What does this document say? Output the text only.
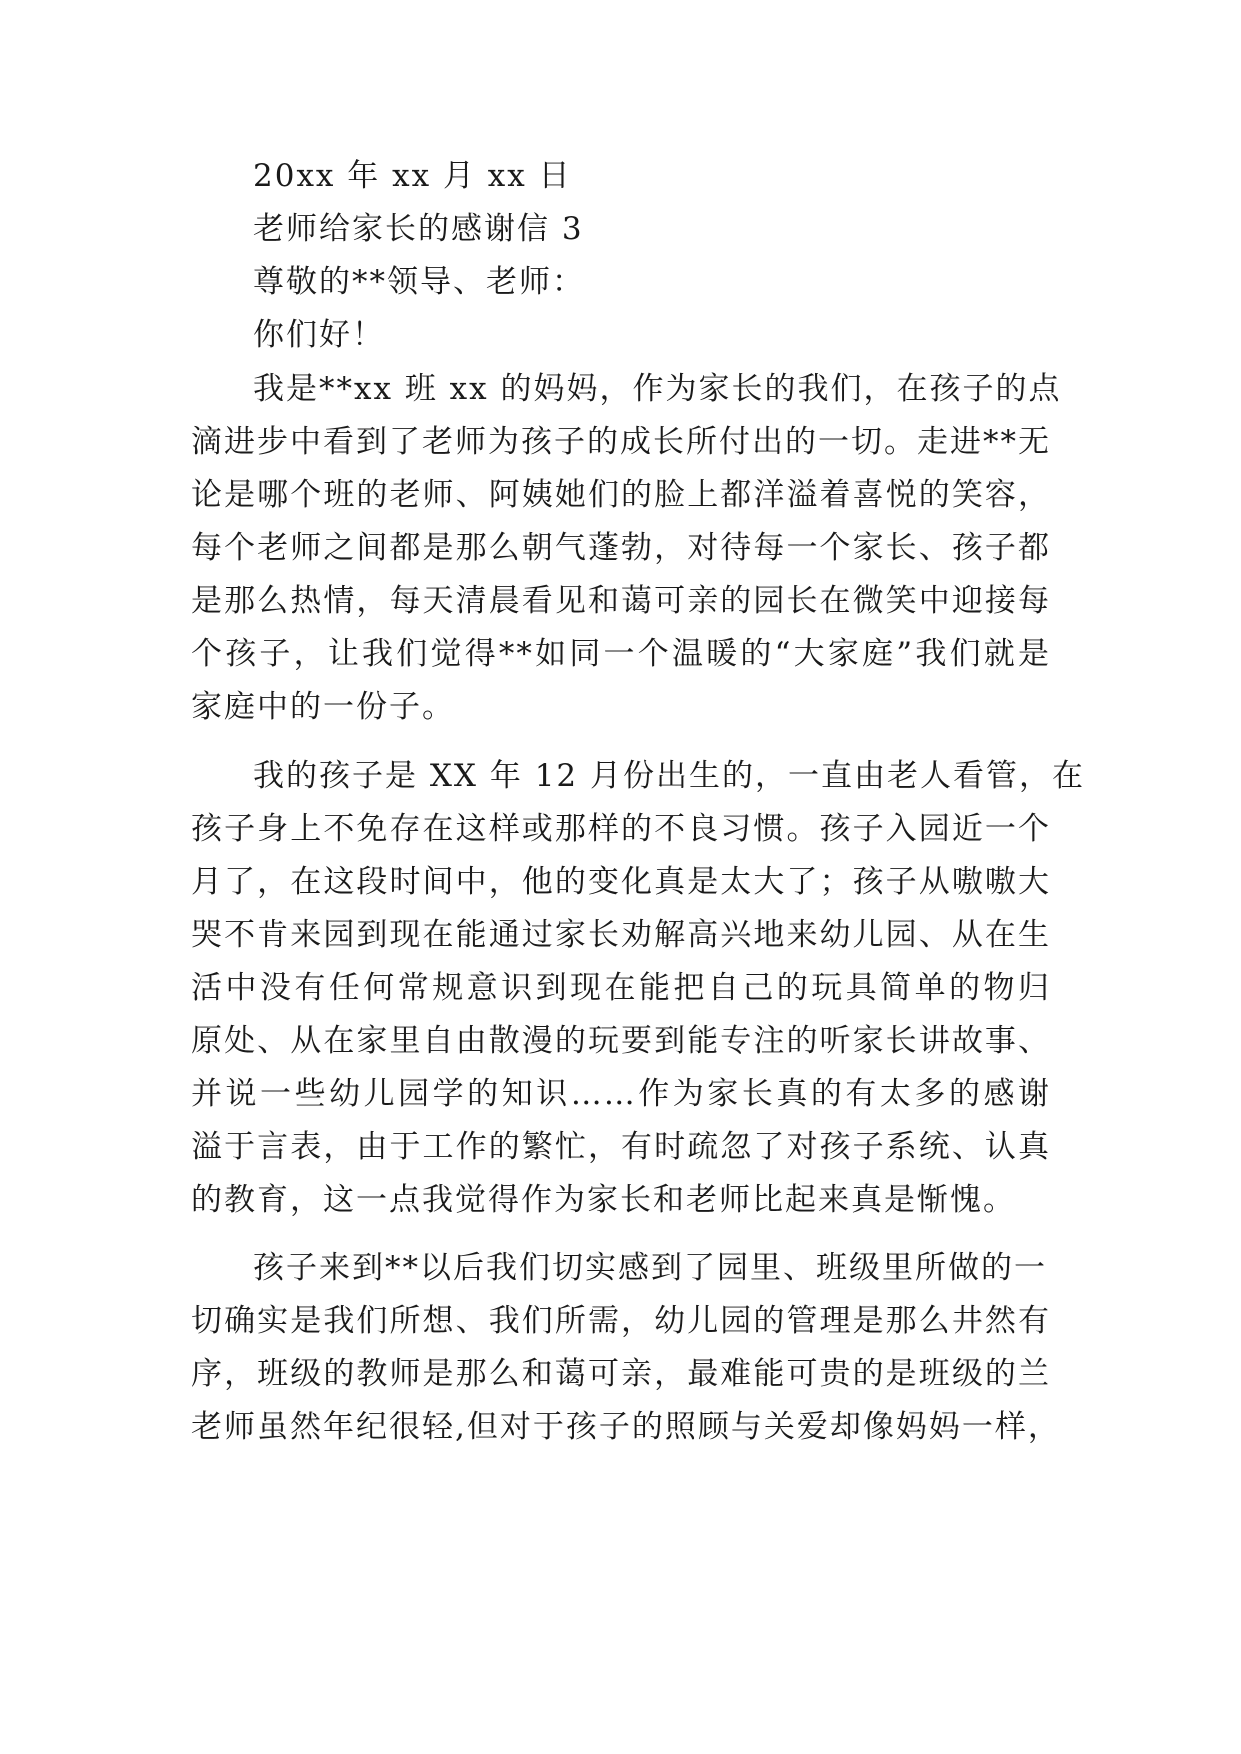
20xx 年 xx 月 xx 日
老师给家长的感谢信 3
尊敬的**领导、老师：
你们好！
我是**xx 班 xx 的妈妈，作为家长的我们，在孩子的点
滴进步中看到了老师为孩子的成长所付出的一切。走进**无
论是哪个班的老师、阿姨她们的脸上都洋溢着喜悦的笑容，
每个老师之间都是那么朝气蓬勃，对待每一个家长、孩子都
是那么热情，每天清晨看见和蔼可亲的园长在微笑中迎接每
个孩子，让我们觉得**如同一个温暖的“大家庭”我们就是
家庭中的一份子。
我的孩子是 XX 年 12 月份出生的，一直由老人看管，在
孩子身上不免存在这样或那样的不良习惯。孩子入园近一个
月了，在这段时间中，他的变化真是太大了；孩子从嗷嗷大
哭不肯来园到现在能通过家长劝解高兴地来幼儿园、从在生
活中没有任何常规意识到现在能把自己的玩具简单的物归
原处、从在家里自由散漫的玩要到能专注的听家长讲故事、
并说一些幼儿园学的知识……作为家长真的有太多的感谢
溢于言表，由于工作的繁忙，有时疏忽了对孩子系统、认真
的教育，这一点我觉得作为家长和老师比起来真是惭愧。
孩子来到**以后我们切实感到了园里、班级里所做的一
切确实是我们所想、我们所需，幼儿园的管理是那么井然有
序，班级的教师是那么和蔼可亲，最难能可贵的是班级的兰
老师虽然年纪很轻,但对于孩子的照顾与关爱却像妈妈一样，
